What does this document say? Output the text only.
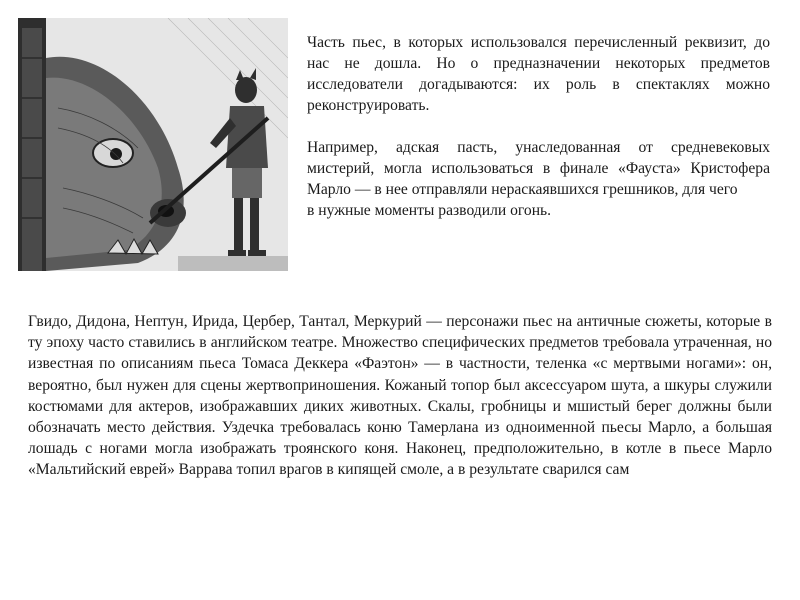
Часть пьес, в которых использовался перечисленный реквизит, до нас не дошла. Но о предназначении некоторых предметов исследователи догадываются: их роль в спектаклях можно реконструировать.

Например, адская пасть, унаследованная от средневековых мистерий, могла использоваться в финале «Фауста» Кристофера Марло — в нее отправляли нераскаявшихся грешников, для чего
в нужные моменты разводили огонь.

Гвидо, Дидона, Нептун, Ирида, Цербер, Тантал, Меркурий — персонажи пьес на античные сюжеты, которые в ту эпоху часто ставились в английском театре. Множество специфических предметов требовала утраченная, но известная по описаниям пьеса Томаса Деккера «Фаэтон» — в частности, теленка «с мертвыми ногами»: он, вероятно, был нужен для сцены жертвоприношения. Кожаный топор был аксессуаром шута, а шкуры служили костюмами для актеров, изображавших диких животных. Скалы, гробницы и мшистый берег должны были обозначать место действия. Уздечка требовалась коню Тамерлана из одноименной пьесы Марло, а большая лошадь с ногами могла изображать троянского коня. Наконец, предположительно, в котле в пьесе Марло «Мальтийский еврей» Варрава топил врагов в кипящей смоле, а в результате сварился сам
